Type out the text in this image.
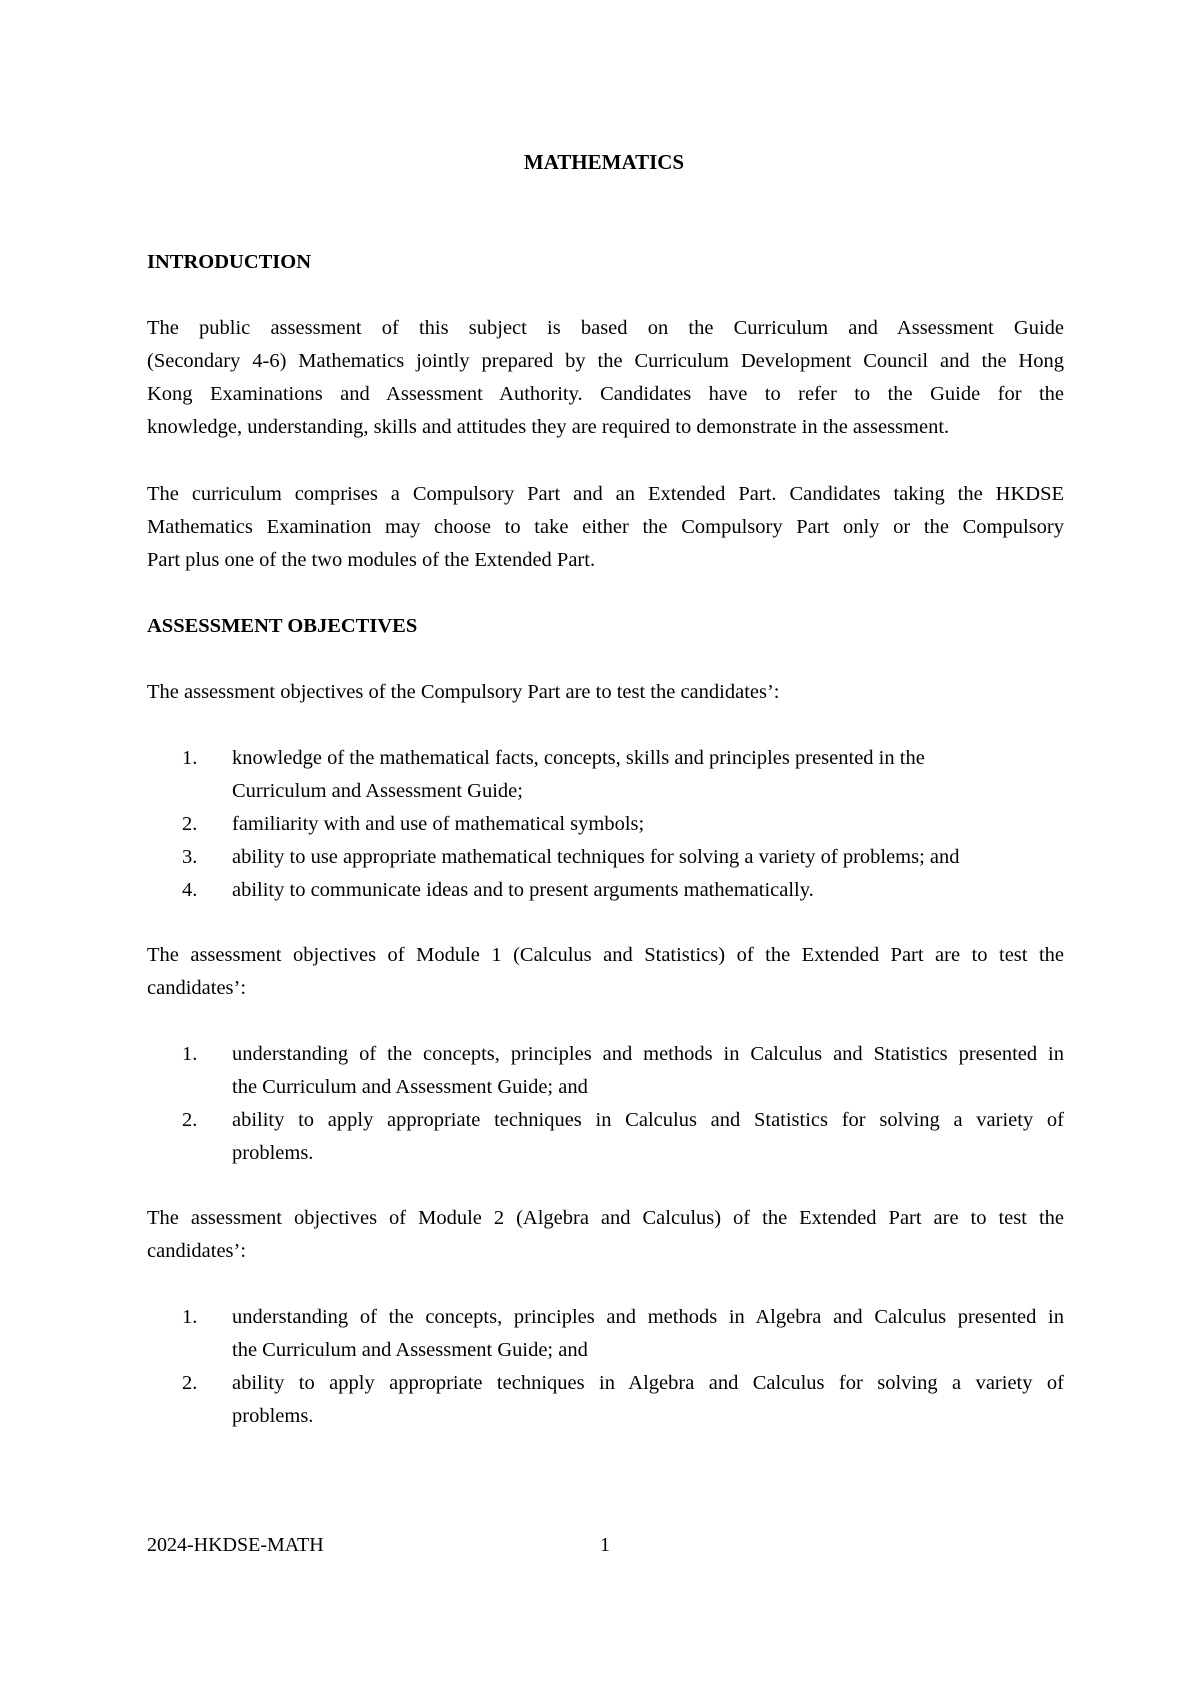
MATHEMATICS
INTRODUCTION
The public assessment of this subject is based on the Curriculum and Assessment Guide
(Secondary 4-6) Mathematics jointly prepared by the Curriculum Development Council and the Hong
Kong Examinations and Assessment Authority. Candidates have to refer to the Guide for the
knowledge, understanding, skills and attitudes they are required to demonstrate in the assessment.
The curriculum comprises a Compulsory Part and an Extended Part. Candidates taking the HKDSE
Mathematics Examination may choose to take either the Compulsory Part only or the Compulsory
Part plus one of the two modules of the Extended Part.
ASSESSMENT OBJECTIVES
The assessment objectives of the Compulsory Part are to test the candidates’:
1.	knowledge of the mathematical facts, concepts, skills and principles presented in the
Curriculum and Assessment Guide;
2.	familiarity with and use of mathematical symbols;
3.	ability to use appropriate mathematical techniques for solving a variety of problems; and
4.	ability to communicate ideas and to present arguments mathematically.
The assessment objectives of Module 1 (Calculus and Statistics) of the Extended Part are to test the
candidates’:
1.	understanding of the concepts, principles and methods in Calculus and Statistics presented in
the Curriculum and Assessment Guide; and
2.	ability to apply appropriate techniques in Calculus and Statistics for solving a variety of
problems.
The assessment objectives of Module 2 (Algebra and Calculus) of the Extended Part are to test the
candidates’:
1.	understanding of the concepts, principles and methods in Algebra and Calculus presented in
the Curriculum and Assessment Guide; and
2.	ability to apply appropriate techniques in Algebra and Calculus for solving a variety of
problems.
2024-HKDSE-MATH	1
